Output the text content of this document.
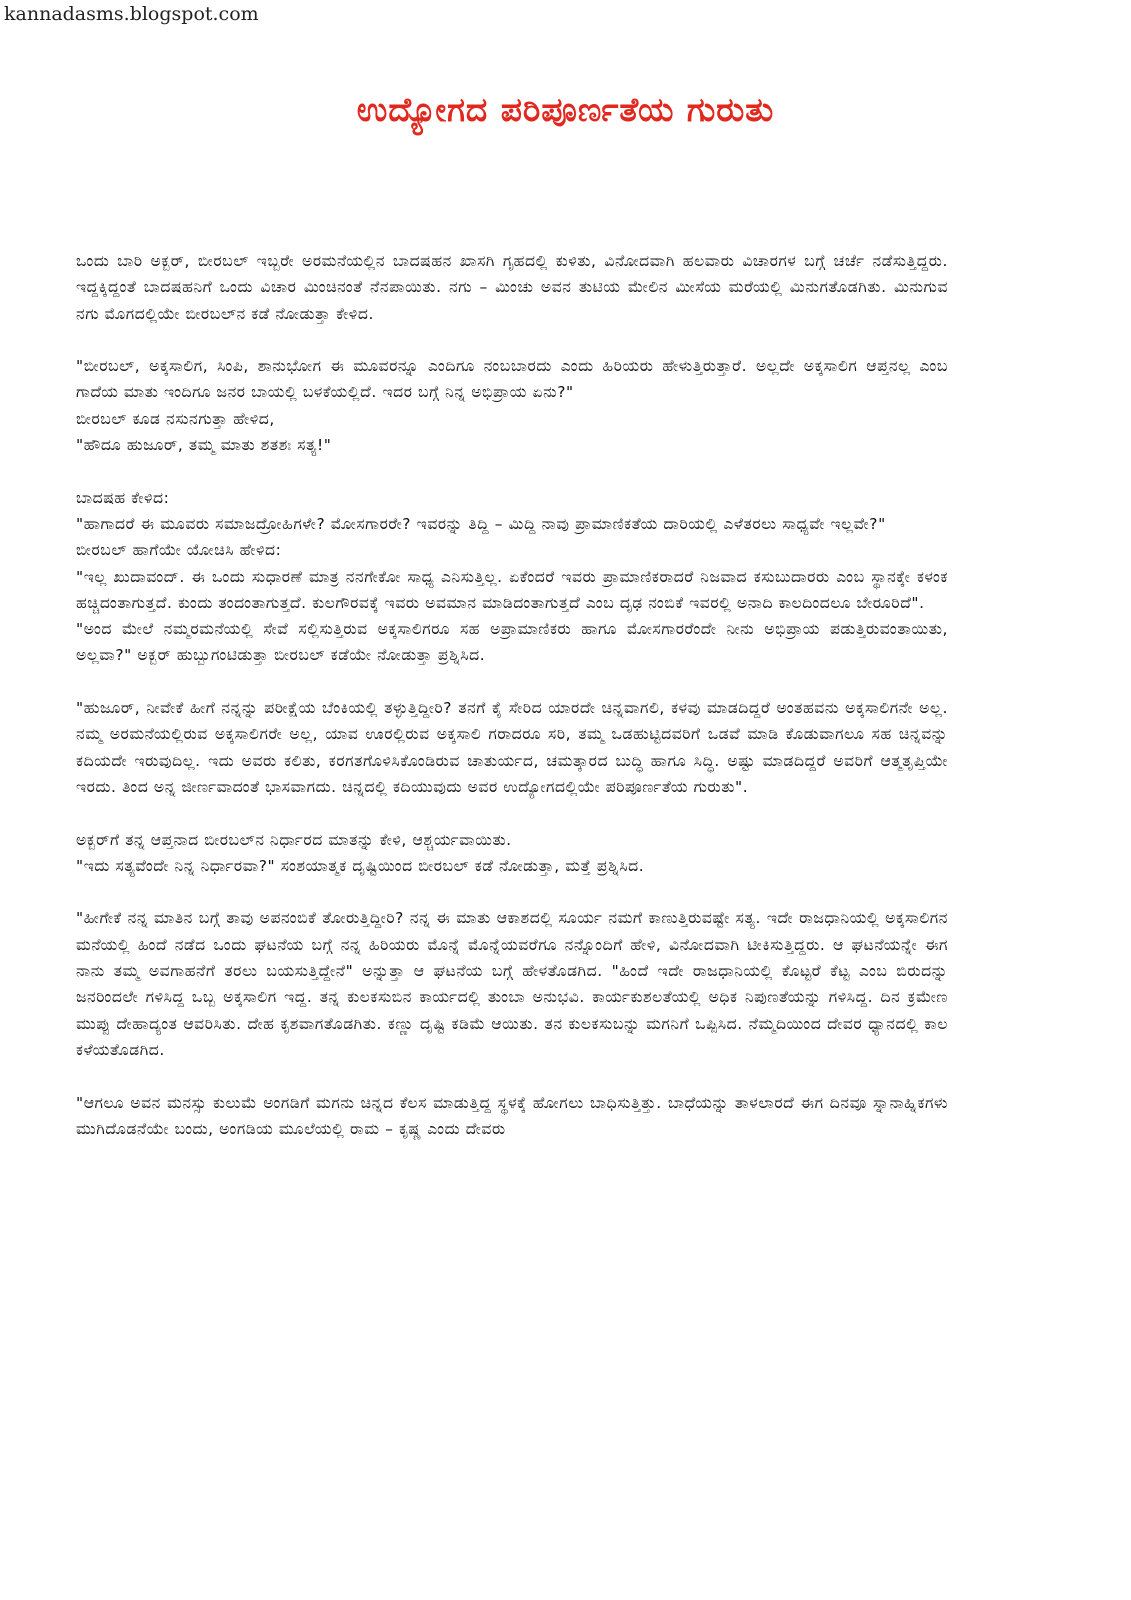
kannadasms.blogspot.com
ಉದ್ಯೋಗದ ಪರಿಪೂರ್ಣತೆಯ ಗುರುತು

ಒಂದು ಬಾರಿ ಅಕ್ಬರ್, ಬೀರಬಲ್ ಇಬ್ಬರೇ ಅರಮನೆಯಲ್ಲಿನ ಬಾದಷಹನ ಖಾಸಗಿ ಗೃಹದಲ್ಲಿ ಕುಳಿತು, ವಿನೋದವಾಗಿ ಹಲವಾರು ವಿಚಾರಗಳ ಬಗ್ಗೆ ಚರ್ಚೆ ನಡೆಸುತ್ತಿದ್ದರು. ಇದ್ದಕ್ಕಿದ್ದಂತೆ ಬಾದಷಹನಿಗೆ ಒಂದು ವಿಚಾರ ಮಿಂಚಿನಂತೆ ನೆನಪಾಯಿತು. ನಗು – ಮಿಂಚು ಅವನ ತುಟಿಯ ಮೇಲಿನ ಮೀಸೆಯ ಮರೆಯಲ್ಲಿ ಮಿನುಗತೊಡಗಿತು. ಮಿನುಗುವ ನಗು ಮೊಗದಲ್ಲಿಯೇ ಬೀರಬಲ್‌ನ ಕಡೆ ನೋಡುತ್ತಾ ಕೇಳಿದ.

"ಬೀರಬಲ್, ಅಕ್ಕಸಾಲಿಗ, ಸಿಂಪಿ, ಶಾನುಭೋಗ ಈ ಮೂವರನ್ನೂ ಎಂದಿಗೂ ನಂಬಬಾರದು ಎಂದು ಹಿರಿಯರು ಹೇಳುತ್ತಿರುತ್ತಾರೆ. ಅಲ್ಲದೇ ಅಕ್ಕಸಾಲಿಗ ಆಪ್ತನಲ್ಲ ಎಂಬ ಗಾದೆಯ ಮಾತು ಇಂದಿಗೂ ಜನರ ಬಾಯಲ್ಲಿ ಬಳಕೆಯಲ್ಲಿದೆ. ಇದರ ಬಗ್ಗೆ ನಿನ್ನ ಅಭಿಪ್ರಾಯ ಏನು?"
ಬೀರಬಲ್ ಕೂಡ ನಸುನಗುತ್ತಾ ಹೇಳಿದ,
"ಹೌದೂ ಹುಜೂರ್, ತಮ್ಮ ಮಾತು ಶತಶಃ ಸತ್ಯ!"

ಬಾದಷಹ ಕೇಳಿದ:
"ಹಾಗಾದರೆ ಈ ಮೂವರು ಸಮಾಜದ್ರೋಹಿಗಳೇ? ಮೋಸಗಾರರೇ? ಇವರನ್ನು ತಿದ್ದಿ – ಮಿದ್ದಿ ನಾವು ಪ್ರಾಮಾಣಿಕತೆಯ ದಾರಿಯಲ್ಲಿ ಎಳೆತರಲು ಸಾಧ್ಯವೇ ಇಲ್ಲವೇ?"
ಬೀರಬಲ್ ಹಾಗೆಯೇ ಯೋಚಿಸಿ ಹೇಳಿದ:
"ಇಲ್ಲ ಖುದಾವಂದ್. ಈ ಒಂದು ಸುಧಾರಣೆ ಮಾತ್ರ ನನಗೇಕೋ ಸಾಧ್ಯ ಎನಿಸುತ್ತಿಲ್ಲ. ಏಕೆಂದರೆ ಇವರು ಪ್ರಾಮಾಣಿಕರಾದರೆ ನಿಜವಾದ ಕಸುಬುದಾರರು ಎಂಬ ಸ್ಥಾನಕ್ಕೇ ಕಳಂಕ ಹಚ್ಚಿದಂತಾಗುತ್ತದೆ. ಕುಂದು ತಂದಂತಾಗುತ್ತದೆ. ಕುಲಗೌರವಕ್ಕೆ ಇವರು ಅವಮಾನ ಮಾಡಿದಂತಾಗುತ್ತದೆ ಎಂಬ ದೃಢ ನಂಬಿಕೆ ಇವರಲ್ಲಿ ಅನಾದಿ ಕಾಲದಿಂದಲೂ ಬೇರೂರಿದೆ".
"ಅಂದ ಮೇಲೆ ನಮ್ಮರಮನೆಯಲ್ಲಿ ಸೇವೆ ಸಲ್ಲಿಸುತ್ತಿರುವ ಅಕ್ಕಸಾಲಿಗರೂ ಸಹ ಅಪ್ರಾಮಾಣಿಕರು ಹಾಗೂ ಮೋಸಗಾರರೆಂದೇ ನೀನು ಅಭಿಪ್ರಾಯ ಪಡುತ್ತಿರುವಂತಾಯಿತು, ಅಲ್ಲವಾ?" ಅಕ್ಬರ್ ಹುಬ್ಬುಗಂಟಿಡುತ್ತಾ ಬೀರಬಲ್ ಕಡೆಯೇ ನೋಡುತ್ತಾ ಪ್ರಶ್ನಿಸಿದ.

"ಹುಜೂರ್, ನೀವೇಕೆ ಹೀಗೆ ನನ್ನನ್ನು ಪರೀಕ್ಷೆಯ ಬೆಂಕಿಯಲ್ಲಿ ತಳ್ಳುತ್ತಿದ್ದೀರಿ? ತನಗೆ ಕೈ ಸೇರಿದ ಯಾರದೇ ಚಿನ್ನವಾಗಲಿ, ಕಳವು ಮಾಡದಿದ್ದರೆ ಅಂತಹವನು ಅಕ್ಕಸಾಲಿಗನೇ ಅಲ್ಲ. ನಮ್ಮ ಅರಮನೆಯಲ್ಲಿರುವ ಅಕ್ಕಸಾಲಿಗರೇ ಅಲ್ಲ, ಯಾವ ಊರಲ್ಲಿರುವ ಅಕ್ಕಸಾಲಿ ಗರಾದರೂ ಸರಿ, ತಮ್ಮ ಒಡಹುಟ್ಟಿದವರಿಗೆ ಒಡವೆ ಮಾಡಿ ಕೊಡುವಾಗಲೂ ಸಹ ಚಿನ್ನವನ್ನು ಕದಿಯದೇ ಇರುವುದಿಲ್ಲ. ಇದು ಅವರು ಕಲಿತು, ಕರಗತಗೊಳಿಸಿಕೊಂಡಿರುವ ಚಾತುರ್ಯದ, ಚಮತ್ಕಾರದ ಬುದ್ಧಿ ಹಾಗೂ ಸಿದ್ಧಿ. ಅಷ್ಟು ಮಾಡದಿದ್ದರೆ ಅವರಿಗೆ ಆತ್ಮತೃಪ್ತಿಯೇ ಇರದು. ತಿಂದ ಅನ್ನ ಜೀರ್ಣವಾದಂತೆ ಭಾಸವಾಗದು. ಚಿನ್ನದಲ್ಲಿ ಕದಿಯುವುದು ಅವರ ಉದ್ಯೋಗದಲ್ಲಿಯೇ ಪರಿಪೂರ್ಣತೆಯ ಗುರುತು".

ಅಕ್ಬರ್‌ಗೆ ತನ್ನ ಆಪ್ತನಾದ ಬೀರಬಲ್‌ನ ನಿರ್ಧಾರದ ಮಾತನ್ನು ಕೇಳಿ, ಆಶ್ಚರ್ಯವಾಯಿತು.
"ಇದು ಸತ್ಯವೆಂದೇ ನಿನ್ನ ನಿರ್ಧಾರವಾ?" ಸಂಶಯಾತ್ಮಕ ದೃಷ್ಟಿಯಿಂದ ಬೀರಬಲ್ ಕಡೆ ನೋಡುತ್ತಾ, ಮತ್ತೆ ಪ್ರಶ್ನಿಸಿದ.

"ಹೀಗೇಕೆ ನನ್ನ ಮಾತಿನ ಬಗ್ಗೆ ತಾವು ಅಪನಂಬಿಕೆ ತೋರುತ್ತಿದ್ದೀರಿ? ನನ್ನ ಈ ಮಾತು ಆಕಾಶದಲ್ಲಿ ಸೂರ್ಯ ನಮಗೆ ಕಾಣುತ್ತಿರುವಷ್ಟೇ ಸತ್ಯ. ಇದೇ ರಾಜಧಾನಿಯಲ್ಲಿ ಅಕ್ಕಸಾಲಿಗನ ಮನೆಯಲ್ಲಿ ಹಿಂದೆ ನಡೆದ ಒಂದು ಘಟನೆಯ ಬಗ್ಗೆ ನನ್ನ ಹಿರಿಯರು ಮೊನ್ನೆ ಮೊನ್ನೆಯವರೆಗೂ ನನ್ನೊಂದಿಗೆ ಹೇಳಿ, ವಿನೋದವಾಗಿ ಟೀಕಿಸುತ್ತಿದ್ದರು. ಆ ಘಟನೆಯನ್ನೇ ಈಗ ನಾನು ತಮ್ಮ ಅವಗಾಹನೆಗೆ ತರಲು ಬಯಸುತ್ತಿದ್ದೇನೆ" ಅನ್ನುತ್ತಾ ಆ ಘಟನೆಯ ಬಗ್ಗೆ ಹೇಳತೊಡಗಿದ. "ಹಿಂದೆ ಇದೇ ರಾಜಧಾನಿಯಲ್ಲಿ ಕೊಟ್ಟರೆ ಕೆಟ್ಟ ಎಂಬ ಬಿರುದನ್ನು ಜನರಿಂದಲೇ ಗಳಿಸಿದ್ದ ಒಬ್ಬ ಅಕ್ಕಸಾಲಿಗ ಇದ್ದ. ತನ್ನ ಕುಲಕಸುಬಿನ ಕಾರ್ಯದಲ್ಲಿ ತುಂಬಾ ಅನುಭವಿ. ಕಾರ್ಯಕುಶಲತೆಯಲ್ಲಿ ಅಧಿಕ ನಿಪುಣತೆಯನ್ನು ಗಳಿಸಿದ್ದ. ದಿನ ಕ್ರಮೇಣ ಮುಪ್ಪು ದೇಹಾದ್ಯಂತ ಆವರಿಸಿತು. ದೇಹ ಕೃಶವಾಗತೊಡಗಿತು. ಕಣ್ಣು ದೃಷ್ಟಿ ಕಡಿಮೆ ಆಯಿತು. ತನ ಕುಲಕಸುಬನ್ನು ಮಗನಿಗೆ ಒಪ್ಪಿಸಿದ. ನೆಮ್ಮದಿಯಿಂದ ದೇವರ ಧ್ಯಾನದಲ್ಲಿ ಕಾಲ ಕಳೆಯತೊಡಗಿದ.

"ಆಗಲೂ ಅವನ ಮನಸ್ಸು ಕುಲುಮೆ ಅಂಗಡಿಗೆ ಮಗನು ಚಿನ್ನದ ಕೆಲಸ ಮಾಡುತ್ತಿದ್ದ ಸ್ಥಳಕ್ಕೆ ಹೋಗಲು ಬಾಧಿಸುತ್ತಿತ್ತು. ಬಾಧೆಯನ್ನು ತಾಳಲಾರದೆ ಈಗ ದಿನವೂ ಸ್ನಾನಾಹ್ನಿಕಗಳು ಮುಗಿದೊಡನೆಯೇ ಬಂದು, ಅಂಗಡಿಯ ಮೂಲೆಯಲ್ಲಿ ರಾಮ – ಕೃಷ್ಣ ಎಂದು ದೇವರು
